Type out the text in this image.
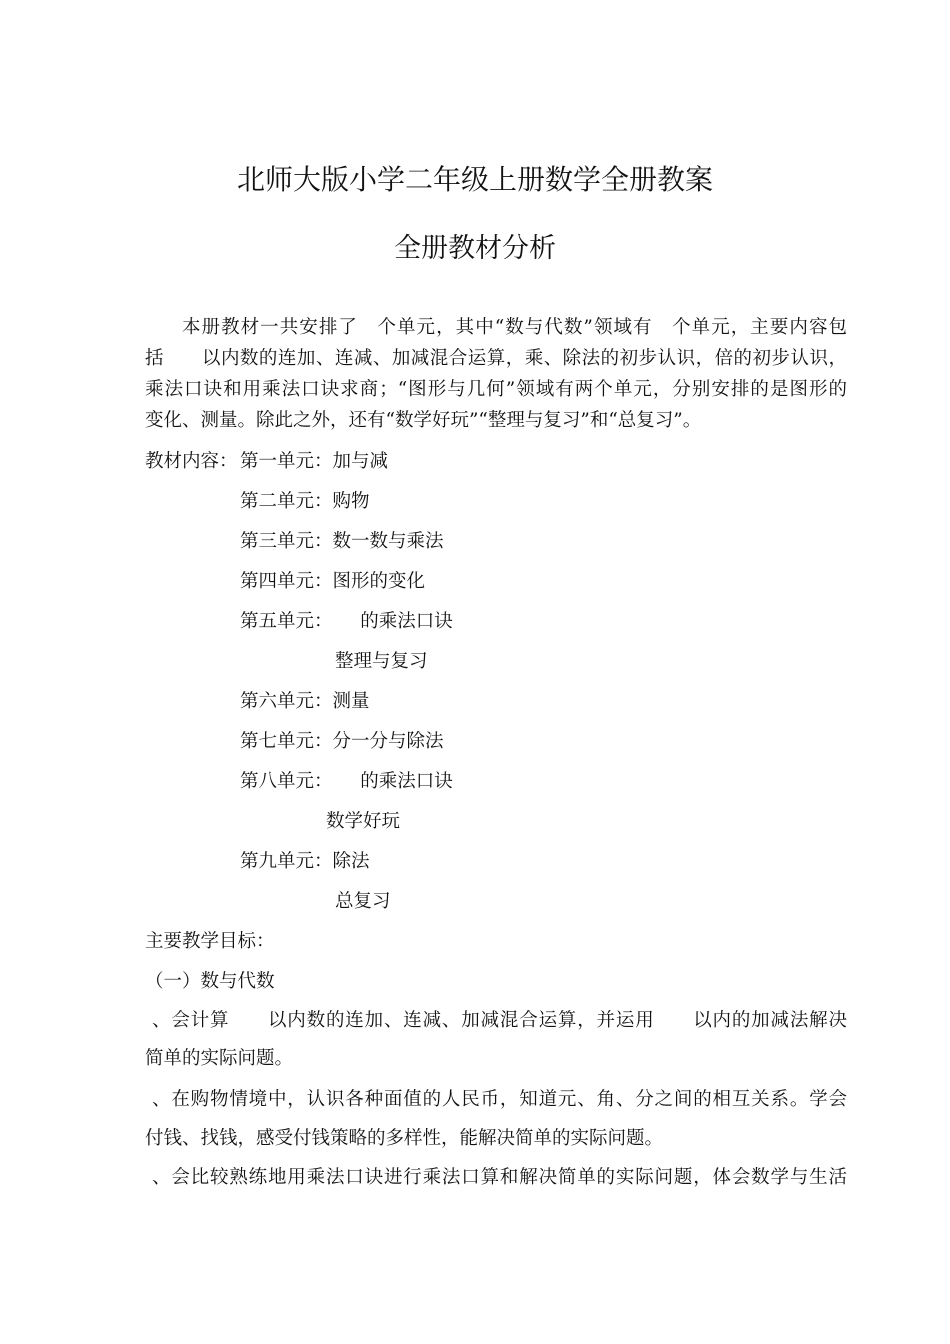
北师大版小学二年级上册数学全册教案
全册教材分析
本册教材一共安排了　个单元，其中“数与代数”领域有　个单元，主要内容包
括　　以内数的连加、连减、加减混合运算，乘、除法的初步认识，倍的初步认识，
乘法口诀和用乘法口诀求商；“图形与几何”领域有两个单元，分别安排的是图形的
变化、测量。除此之外，还有“数学好玩”“整理与复习”和“总复习”。
教材内容： 第一单元：加与减
第二单元：购物
第三单元：数一数与乘法
第四单元：图形的变化
第五单元：　　的乘法口诀
整理与复习
第六单元：测量
第七单元：分一分与除法
第八单元：　　的乘法口诀
数学好玩
第九单元：除法
总复习
主要教学目标：
（一）数与代数
、会计算　　以内数的连加、连减、加减混合运算，并运用　　以内的加减法解决
简单的实际问题。
、在购物情境中，认识各种面值的人民币，知道元、角、分之间的相互关系。学会
付钱、找钱，感受付钱策略的多样性，能解决简单的实际问题。
、会比较熟练地用乘法口诀进行乘法口算和解决简单的实际问题，体会数学与生活
